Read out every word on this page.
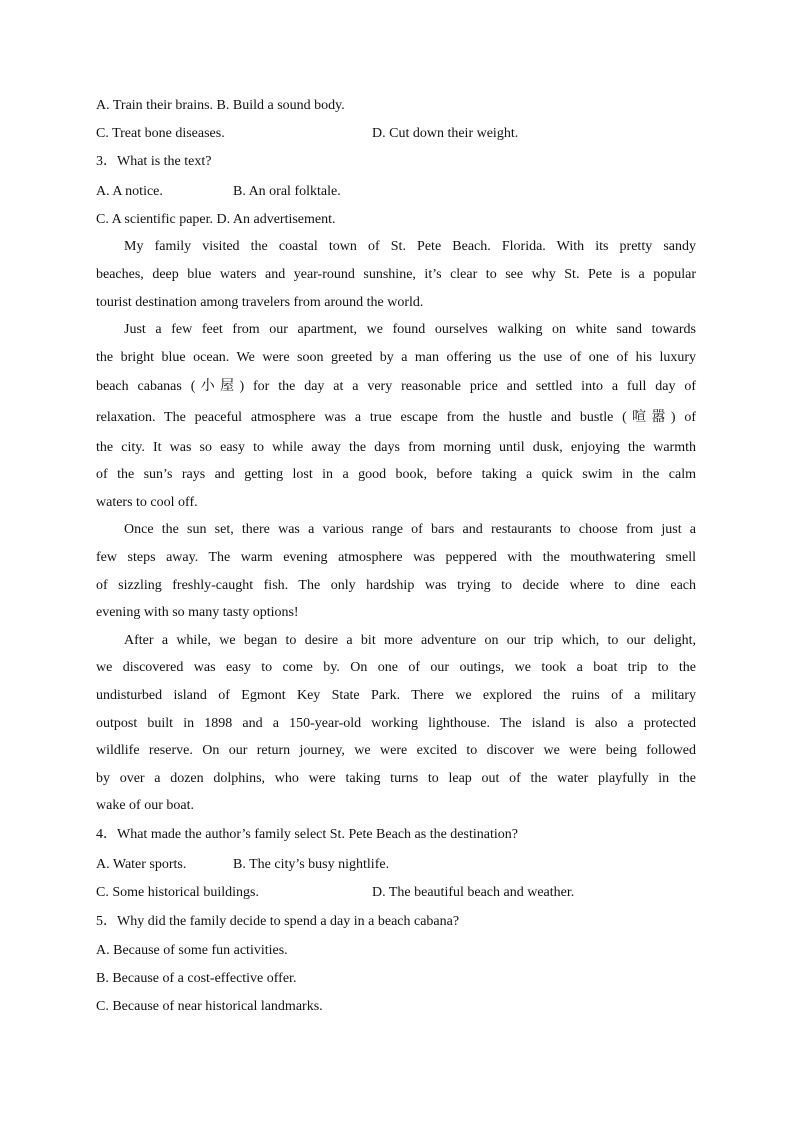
A. Train their brains. B. Build a sound body.
C. Treat bone diseases.	D. Cut down their weight.
3．What is the text?
A. A notice.	B. An oral folktale.
C. A scientific paper. D. An advertisement.
My family visited the coastal town of St. Pete Beach. Florida. With its pretty sandy
beaches, deep blue waters and year-round sunshine, it’s clear to see why St. Pete is a popular
tourist destination among travelers from around the world.
Just a few feet from our apartment, we found ourselves walking on white sand towards
the bright blue ocean. We were soon greeted by a man offering us the use of one of his luxury
beach cabanas (小屋) for the day at a very reasonable price and settled into a full day of
relaxation. The peaceful atmosphere was a true escape from the hustle and bustle (喧嚣) of
the city. It was so easy to while away the days from morning until dusk, enjoying the warmth
of the sun’s rays and getting lost in a good book, before taking a quick swim in the calm
waters to cool off.
Once the sun set, there was a various range of bars and restaurants to choose from just a
few steps away. The warm evening atmosphere was peppered with the mouthwatering smell
of sizzling freshly-caught fish. The only hardship was trying to decide where to dine each
evening with so many tasty options!
After a while, we began to desire a bit more adventure on our trip which, to our delight,
we discovered was easy to come by. On one of our outings, we took a boat trip to the
undisturbed island of Egmont Key State Park. There we explored the ruins of a military
outpost built in 1898 and a 150-year-old working lighthouse. The island is also a protected
wildlife reserve. On our return journey, we were excited to discover we were being followed
by over a dozen dolphins, who were taking turns to leap out of the water playfully in the
wake of our boat.
4．What made the author’s family select St. Pete Beach as the destination?
A. Water sports.	B. The city’s busy nightlife.
C. Some historical buildings.	D. The beautiful beach and weather.
5．Why did the family decide to spend a day in a beach cabana?
A. Because of some fun activities.
B. Because of a cost-effective offer.
C. Because of near historical landmarks.
